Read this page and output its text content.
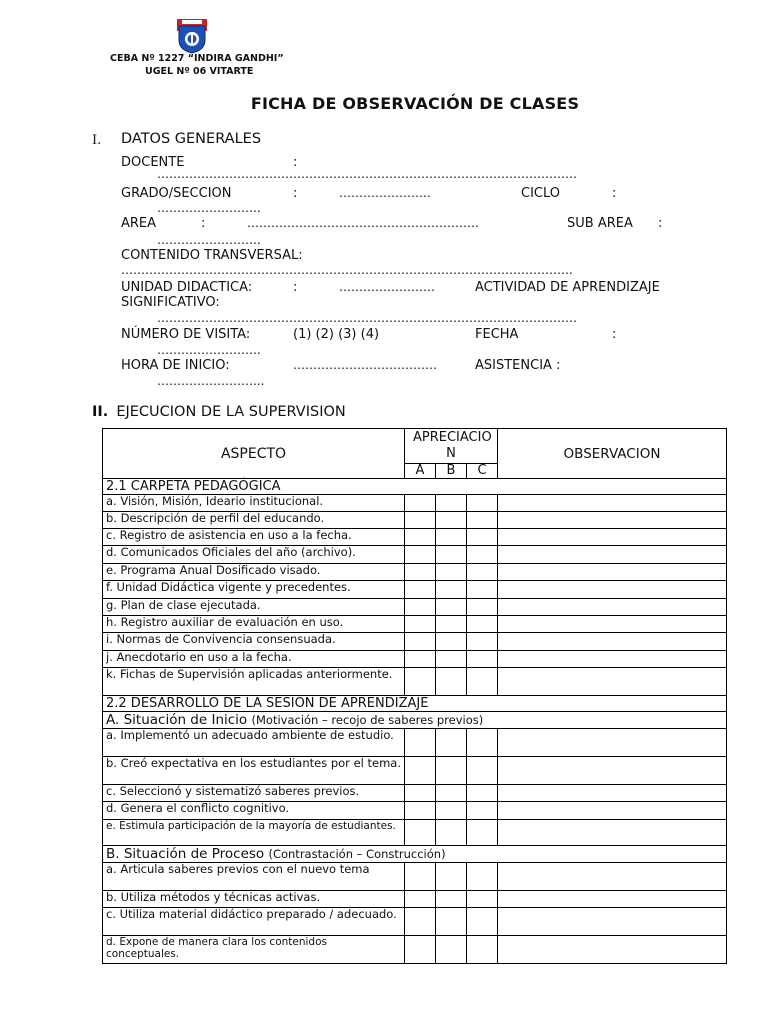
CEBA Nº 1227 “INDIRA GANDHI”
UGEL Nº 06 VITARTE
FICHA DE OBSERVACIÓN DE CLASES
I. DATOS GENERALES
DOCENTE	:
……………………………………………………………………………………………
GRADO/SECCION	:	…………………..	CICLO	:
……………………..
AREA	:	………………………………………………….	SUB AREA :
……………………..
CONTENIDO TRANSVERSAL:
…………………………………………………………………………………………………..
UNIDAD DIDACTICA:	:	……………………	ACTIVIDAD DE APRENDIZAJE
SIGNIFICATIVO:
……………………………………………………………………………………………
NÚMERO DE VISITA:	(1) (2) (3) (4)	FECHA	:
……………………..
HORA DE INICIO:	………………………………	ASISTENCIA :
……………………...
II. EJECUCION DE LA SUPERVISION
ASPECTO	APRECIACIO N			OBSERVACION
	A	B	C	
2.1 CARPETA PEDAGÓGICA				
a. Visión, Misión, Ideario institucional.				
b. Descripción de perfil del educando.				
c. Registro de asistencia en uso a la fecha.				
d. Comunicados Oficiales del año (archivo).				
e. Programa Anual Dosificado visado.				
f. Unidad Didáctica vigente y precedentes.				
g. Plan de clase ejecutada.				
h. Registro auxiliar de evaluación en uso.				
i. Normas de Convivencia consensuada.				
j. Anecdotario en uso a la fecha.				
k. Fichas de Supervisión aplicadas anteriormente.				
2.2 DESARROLLO DE LA SESION DE APRENDIZAJE				
A. Situación de Inicio (Motivación – recojo de saberes previos)				
a. Implementó un adecuado ambiente de estudio.				
b. Creó expectativa en los estudiantes por el tema.				
c. Seleccionó y sistematizó saberes previos.				
d. Genera el conflicto cognitivo.				
e. Estimula participación de la mayoría de estudiantes.				
B. Situación de Proceso (Contrastación – Construcción)				
a. Articula saberes previos con el nuevo tema				
b. Utiliza métodos y técnicas activas.				
c. Utiliza material didáctico preparado / adecuado.				
d. Expone de manera clara los contenidos conceptuales.				
